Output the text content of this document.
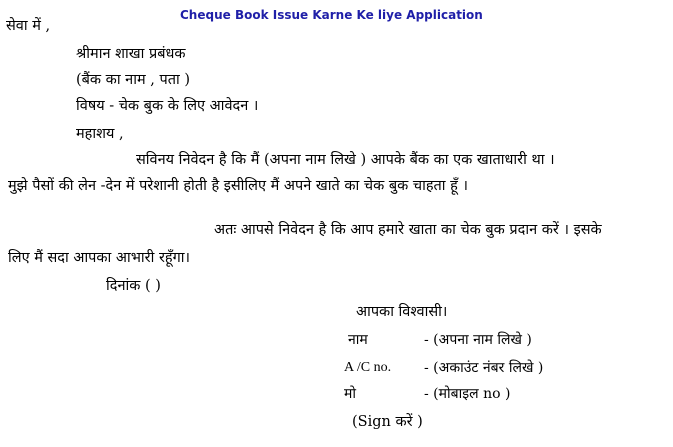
Cheque Book Issue Karne Ke liye Application
सेवा में ,
श्रीमान शाखा प्रबंधक
(बैंक का नाम , पता )
विषय - चेक बुक के लिए आवेदन ।
महाशय ,
सविनय निवेदन है कि मैं (अपना नाम लिखे ) आपके बैंक का एक खाताधारी था ।
मुझे पैसों की लेन -देन में परेशानी होती है इसीलिए मैं अपने खाते का चेक बुक चाहता हूँ ।
अतः आपसे निवेदन है कि आप हमारे खाता का चेक बुक प्रदान करें । इसके
लिए मैं सदा आपका आभारी रहूँगा।
दिनांक ( )
आपका विश्वासी।
नाम	- (अपना नाम लिखे )
A /C no. - (अकाउंट नंबर लिखे )
मो	- (मोबाइल no )
(Sign करें )
